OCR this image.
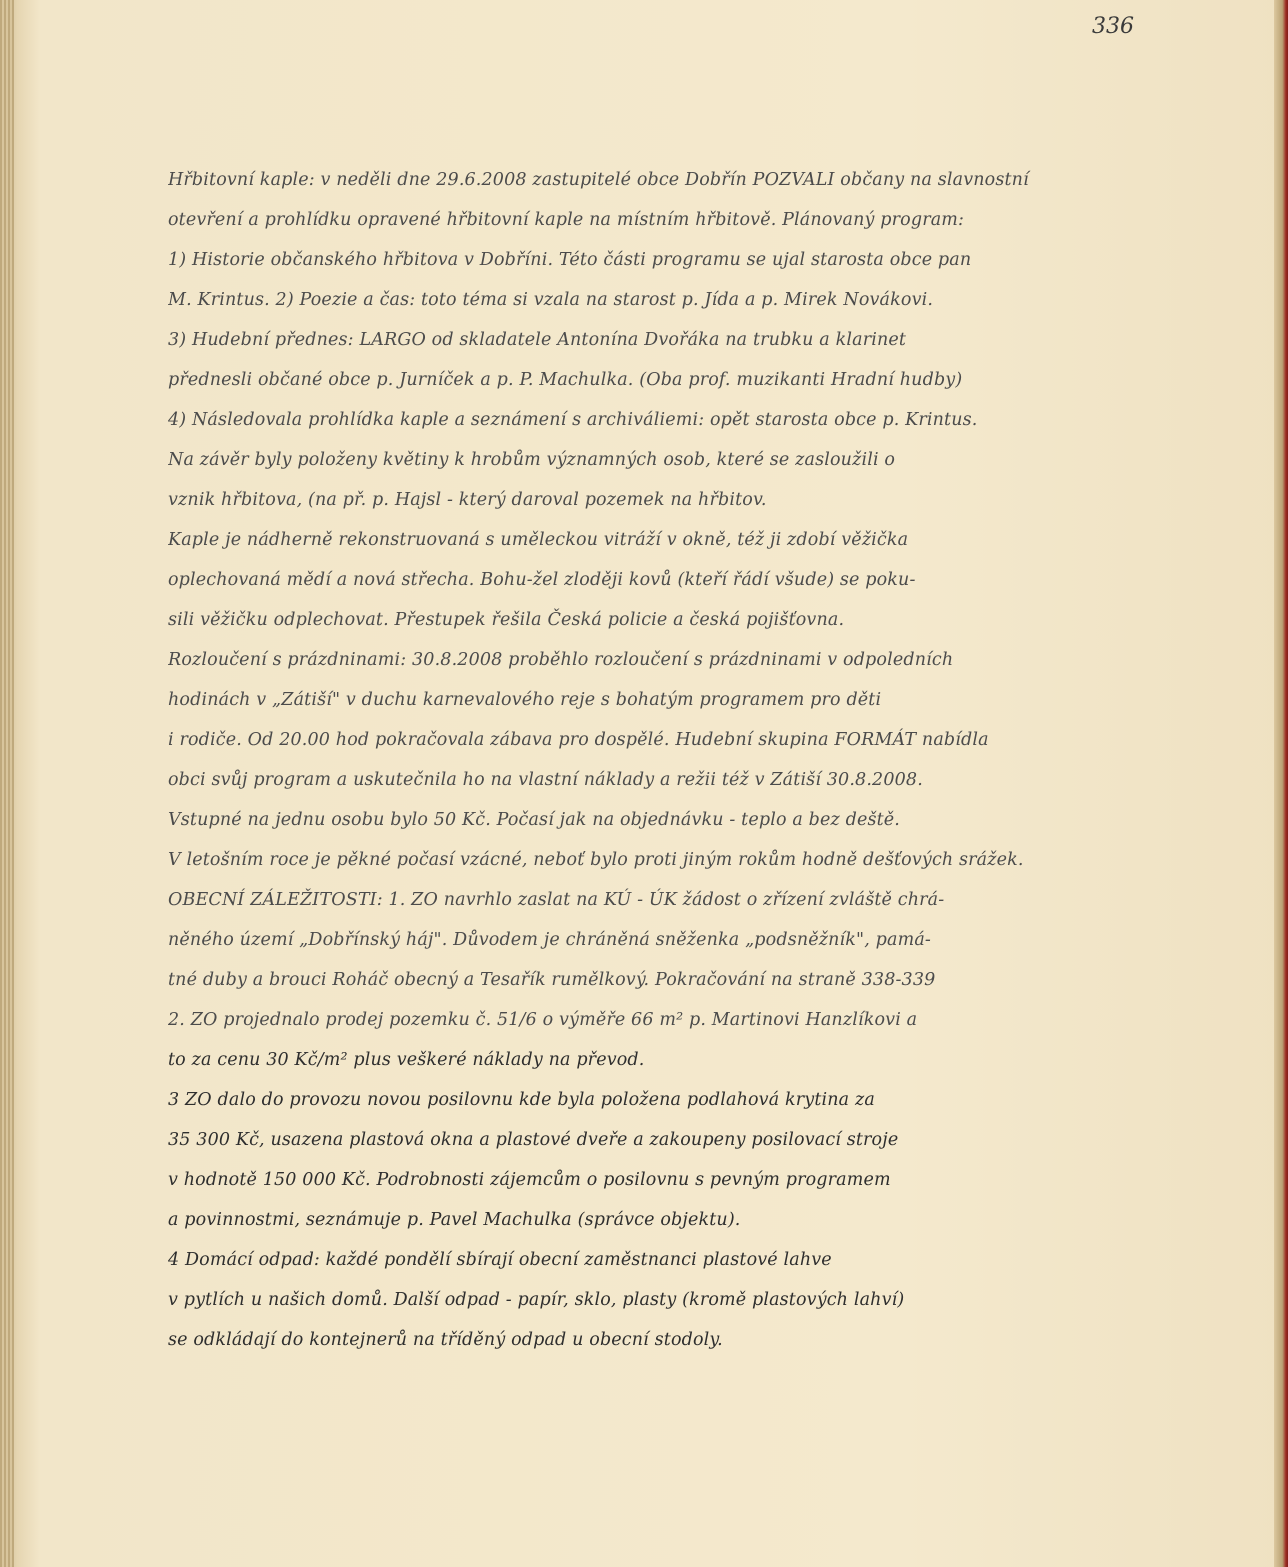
336
Hřbitovní kaple: v neděli dne 29.6.2008 zastupitelé obce Dobřín POZVALI občany na slavnostní
otevření a prohlídku opravené hřbitovní kaple na místním hřbitově. Plánovaný program:
1) Historie občanského hřbitova v Dobříni. Této části programu se ujal starosta obce pan
M. Krintus. 2) Poezie a čas: toto téma si vzala na starost p. Jída a p. Mirek Novákovi.
3) Hudební přednes: LARGO od skladatele Antonína Dvořáka na trubku a klarinet
přednesli občané obce p. Jurníček a p. P. Machulka. (Oba prof. muzikanti Hradní hudby)
4) Následovala prohlídka kaple a seznámení s archiváliemi: opět starosta obce p. Krintus.
Na závěr byly položeny květiny k hrobům významných osob, které se zasloužili o
vznik hřbitova, (na př. p. Hajsl - který daroval pozemek na hřbitov.
Kaple je nádherně rekonstruovaná s uměleckou vitráží v okně, též ji zdobí věžička
oplechovaná mědí a nová střecha. Bohu-žel zloději kovů (kteří řádí všude) se poku-
sili věžičku odplechovat. Přestupek řešila Česká policie a česká pojišťovna.
Rozloučení s prázdninami: 30.8.2008 proběhlo rozloučení s prázdninami v odpoledních
hodinách v „Zátiší" v duchu karnevalového reje s bohatým programem pro děti
i rodiče. Od 20.00 hod pokračovala zábava pro dospělé. Hudební skupina FORMÁT nabídla
obci svůj program a uskutečnila ho na vlastní náklady a režii též v Zátiší 30.8.2008.
Vstupné na jednu osobu bylo 50 Kč. Počasí jak na objednávku - teplo a bez deště.
V letošním roce je pěkné počasí vzácné, neboť bylo proti jiným rokům hodně dešťových srážek.
OBECNÍ ZÁLEŽITOSTI: 1. ZO navrhlo zaslat na KÚ - ÚK žádost o zřízení zvláště chrá-
něného území „Dobřínský háj". Důvodem je chráněná sněženka „podsněžník", pamá-
tné duby a brouci Roháč obecný a Tesařík rumělkový. Pokračování na straně 338-339
2. ZO projednalo prodej pozemku č. 51/6 o výměře 66 m² p. Martinovi Hanzlíkovi a
to za cenu 30 Kč/m² plus veškeré náklady na převod.
3 ZO dalo do provozu novou posilovnu kde byla položena podlahová krytina za
35 300 Kč, usazena plastová okna a plastové dveře a zakoupeny posilovací stroje
v hodnotě 150 000 Kč. Podrobnosti zájemcům o posilovnu s pevným programem
a povinnostmi, seznámuje p. Pavel Machulka (správce objektu).
4 Domácí odpad: každé pondělí sbírají obecní zaměstnanci plastové lahve
v pytlích u našich domů. Další odpad - papír, sklo, plasty (kromě plastových lahví)
se odkládají do kontejnerů na tříděný odpad u obecní stodoly.
